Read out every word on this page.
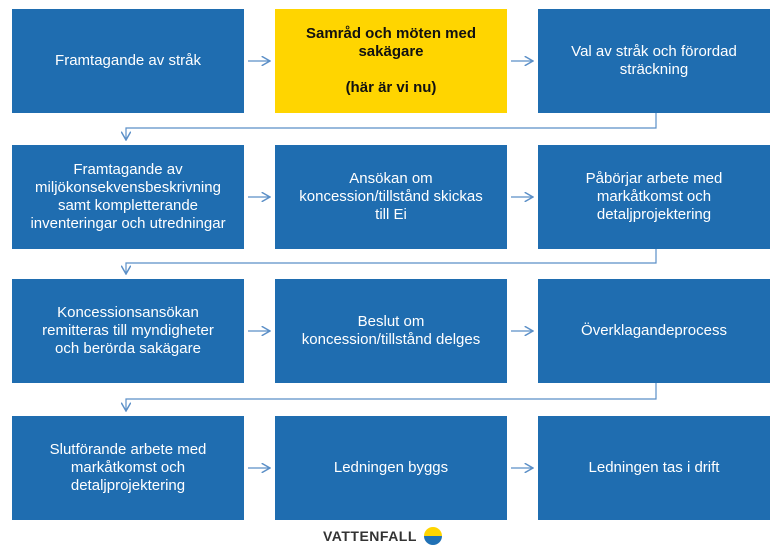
Framtagande av stråk
Samråd och möten med
sakägare

(här är vi nu)
Val av stråk och förordad
sträckning
Framtagande av
miljökonsekvensbeskrivning
samt kompletterande
inventeringar och utredningar
Ansökan om
koncession/tillstånd skickas
till Ei
Påbörjar arbete med
markåtkomst och
detaljprojektering
Koncessionsansökan
remitteras till myndigheter
och berörda sakägare
Beslut om
koncession/tillstånd delges
Överklagandeprocess
Slutförande arbete med
markåtkomst och
detaljprojektering
Ledningen byggs	Ledningen tas i drift
VATTENFALL
